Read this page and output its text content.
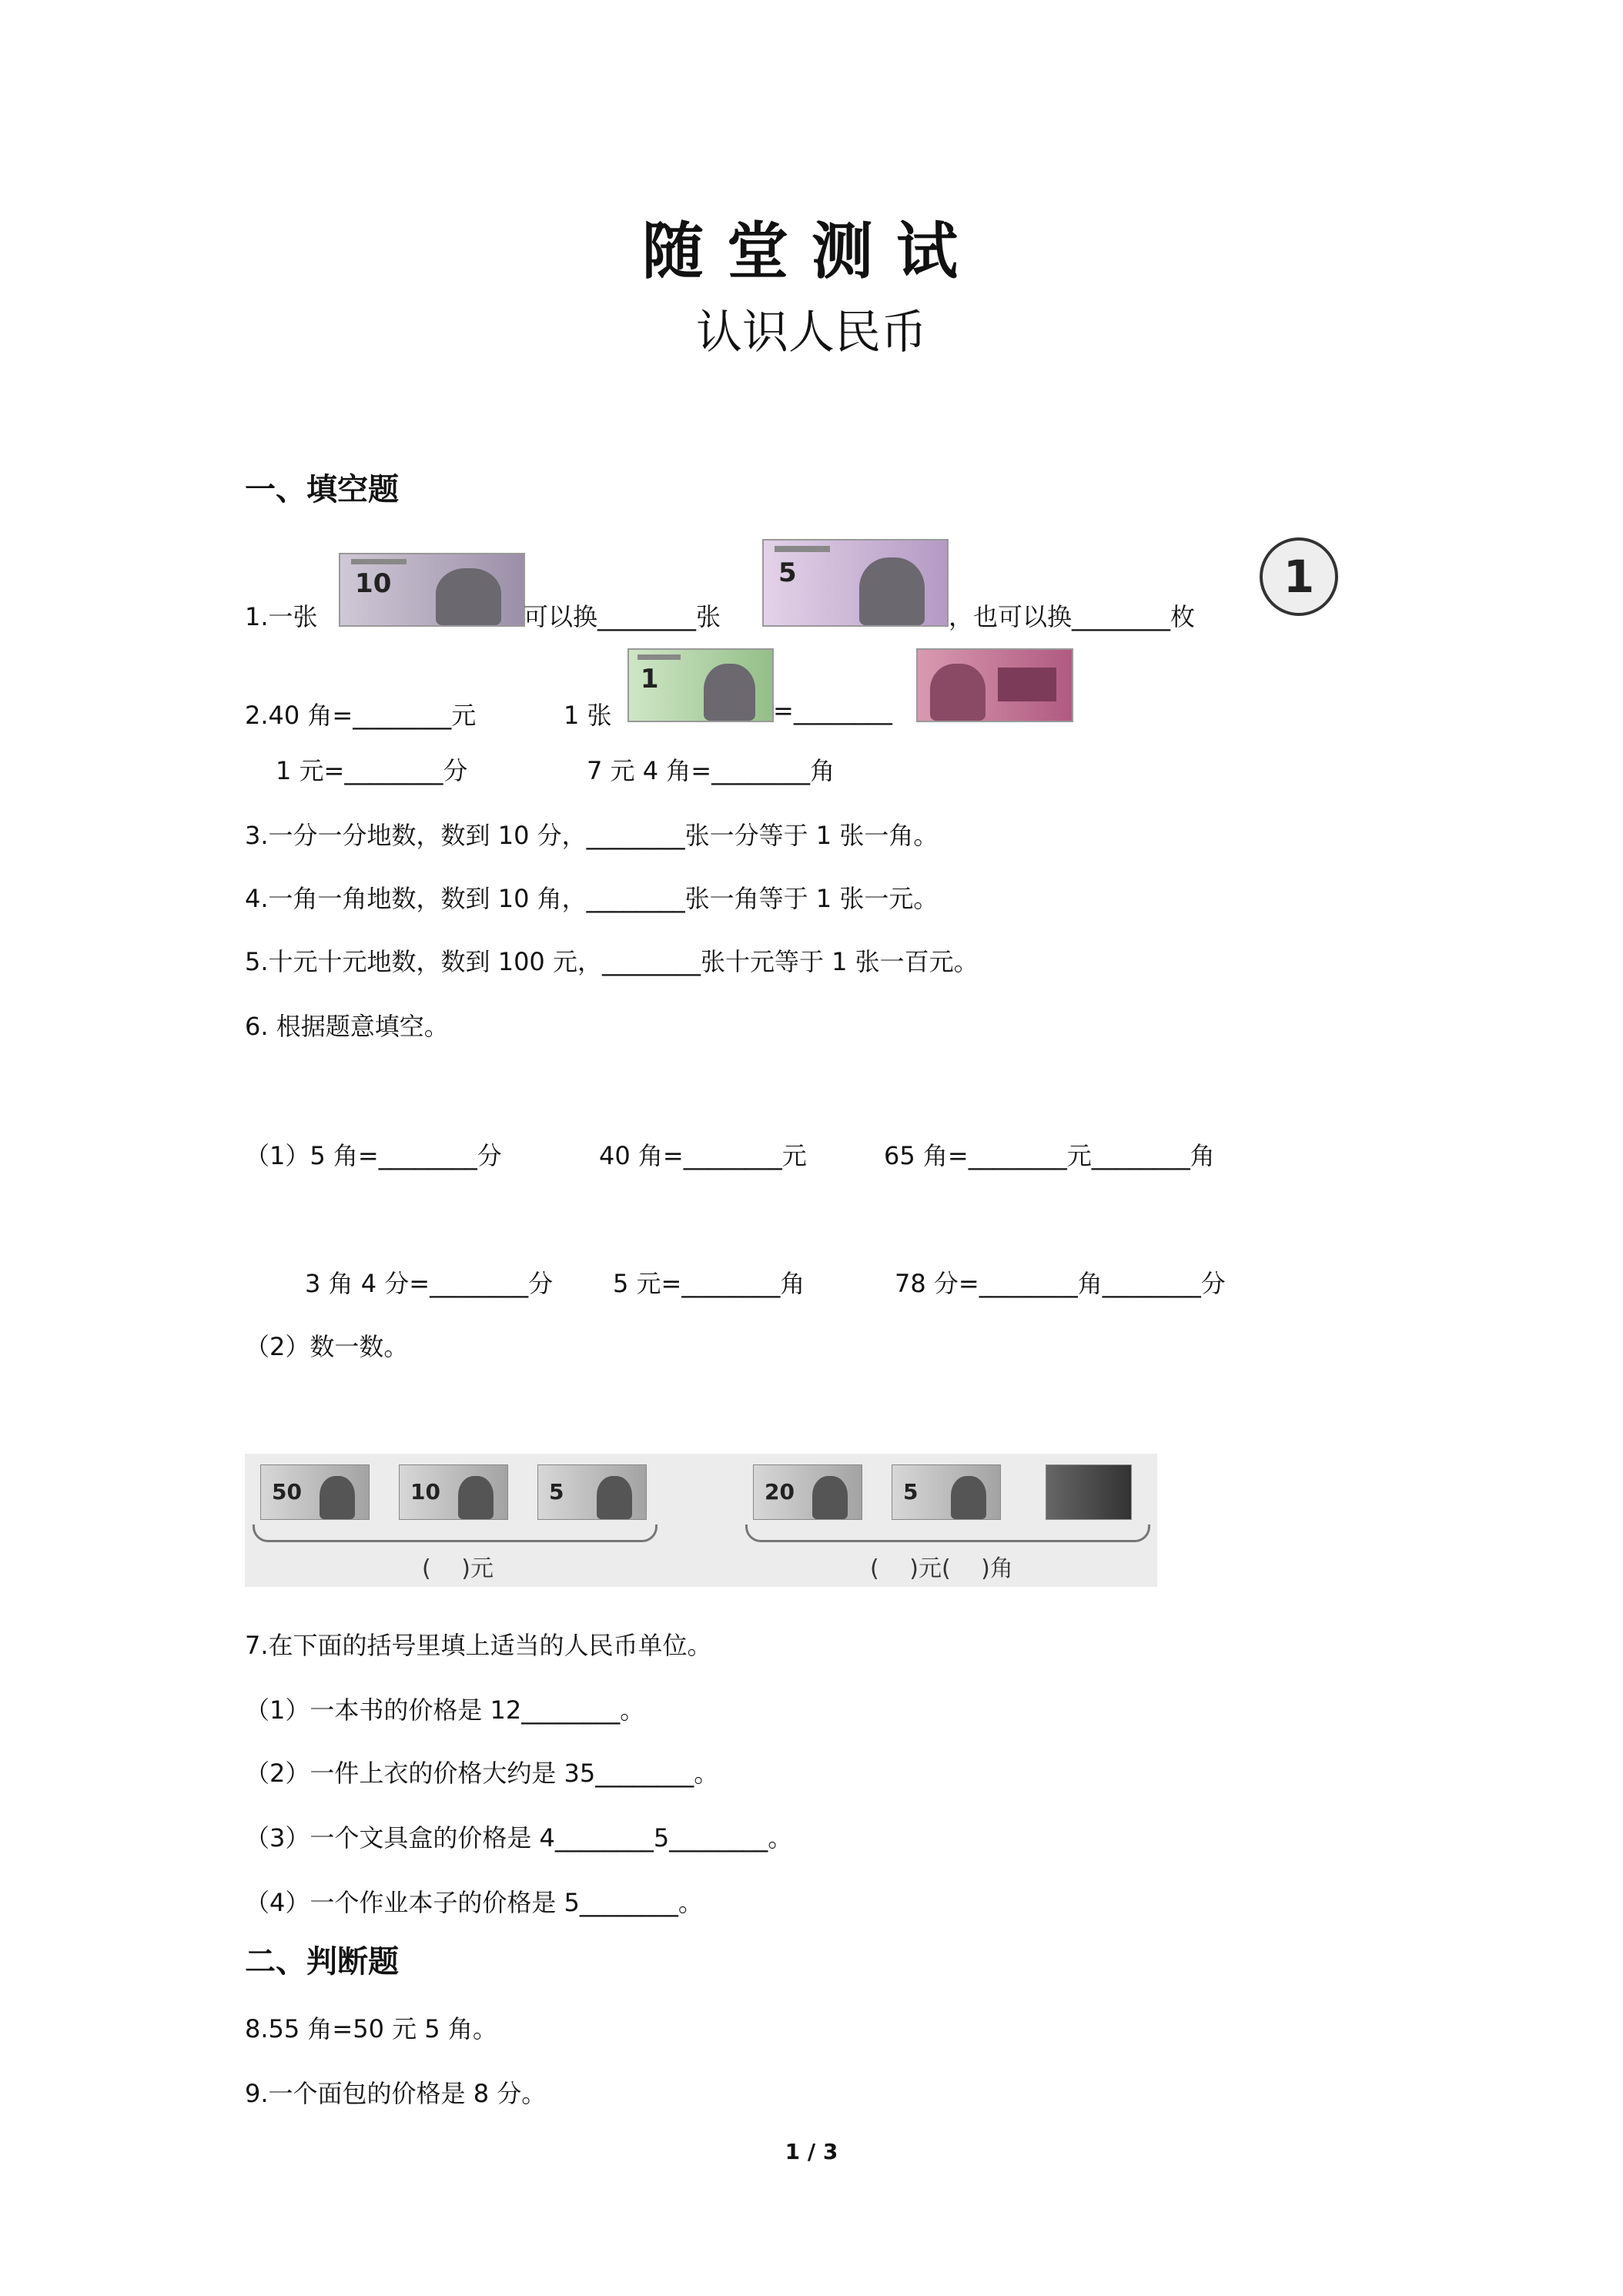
随堂测试
认识人民币
一、填空题
1.一张
10
可以换________张
5
，也可以换________枚
1
2.40 角=________元	1 张
1
=________
1 元=________分	7 元 4 角=________角
3.一分一分地数，数到 10 分，________张一分等于 1 张一角。
4.一角一角地数，数到 10 角，________张一角等于 1 张一元。
5.十元十元地数，数到 100 元，________张十元等于 1 张一百元。
6. 根据题意填空。
（1）5 角=________分	40 角=________元	65 角=________元________角
3 角 4 分=________分 5 元=________角	78 分=________角________分
（2）数一数。
50	10	5	20	5
(　 )元	(　 )元(　 )角
7.在下面的括号里填上适当的人民币单位。
（1）一本书的价格是 12________。
（2）一件上衣的价格大约是 35________。
（3）一个文具盒的价格是 4________5________。
（4）一个作业本子的价格是 5________。
二、判断题
8.55 角=50 元 5 角。
9.一个面包的价格是 8 分。
1 / 3
